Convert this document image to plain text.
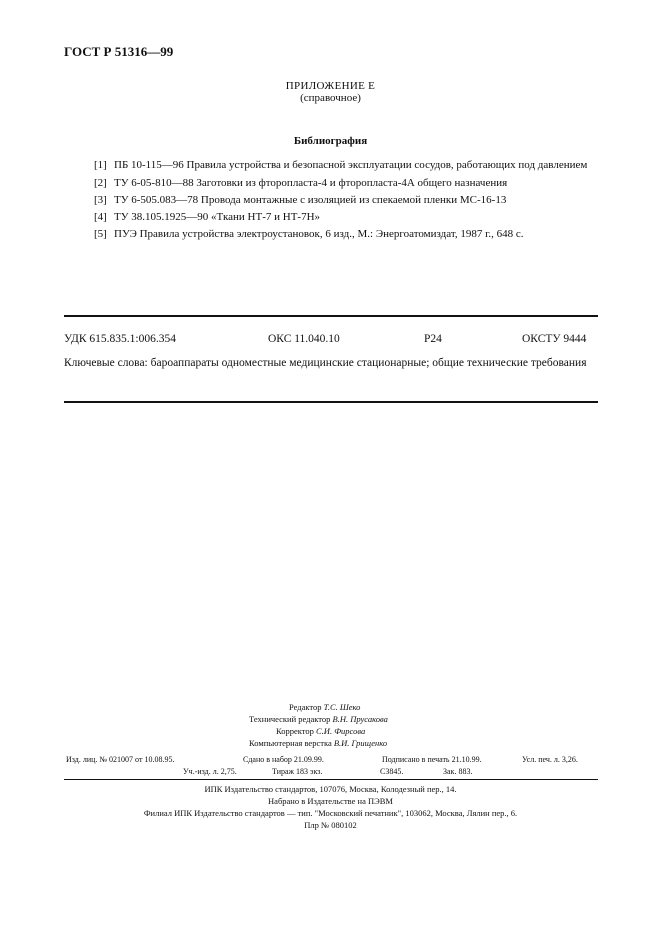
ГОСТ Р 51316—99
ПРИЛОЖЕНИЕ Е
(справочное)
Библиография
[1] ПБ 10-115—96 Правила устройства и безопасной эксплуатации сосудов, работающих под давлением
[2] ТУ 6-05-810—88 Заготовки из фторопласта-4 и фторопласта-4А общего назначения
[3] ТУ 6-505.083—78 Провода монтажные с изоляцией из спекаемой пленки МС-16-13
[4] ТУ 38.105.1925—90 «Ткани НТ-7 и НТ-7Н»
[5] ПУЭ Правила устройства электроустановок, 6 изд., М.: Энергоатомиздат, 1987 г., 648 с.
УДК 615.835.1:006.354	ОКС 11.040.10	Р24	ОКСТУ 9444
Ключевые слова: бароаппараты одноместные медицинские стационарные; общие технические требования
Редактор Т.С. Шеко
Технический редактор В.Н. Прусакова
Корректор С.И. Фирсова
Компьютерная верстка В.И. Грищенко
Изд. лиц. № 021007 от 10.08.95.	Сдано в набор 21.09.99.	Подписано в печать 21.10.99.	Усл. печ. л. 3,26.
Уч.-изд. л. 2,75.	Тираж 183 экз.	С3845.	Зак. 883.
ИПК Издательство стандартов, 107076, Москва, Колодезный пер., 14.
Набрано в Издательстве на ПЭВМ
Филиал ИПК Издательство стандартов — тип. "Московский печатник", 103062, Москва, Лялин пер., 6.
Плр № 080102
